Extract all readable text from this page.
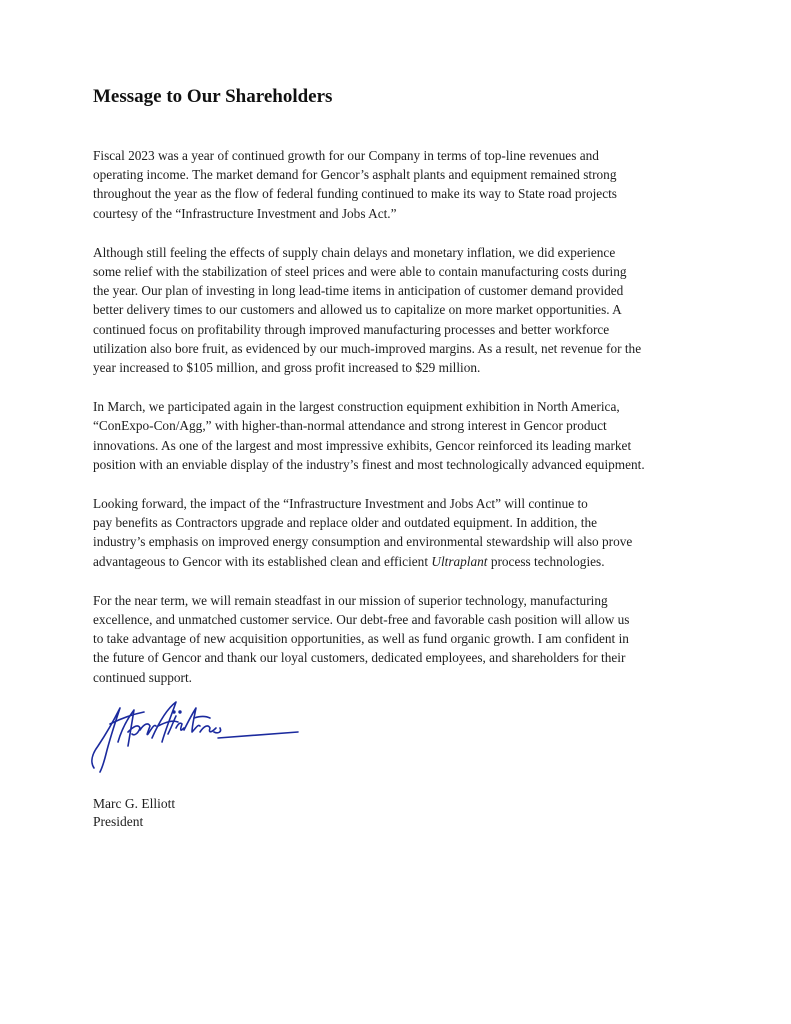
Message to Our Shareholders

Fiscal 2023 was a year of continued growth for our Company in terms of top-line revenues and
operating income. The market demand for Gencor’s asphalt plants and equipment remained strong
throughout the year as the flow of federal funding continued to make its way to State road projects
courtesy of the “Infrastructure Investment and Jobs Act.”

Although still feeling the effects of supply chain delays and monetary inflation, we did experience
some relief with the stabilization of steel prices and were able to contain manufacturing costs during
the year. Our plan of investing in long lead-time items in anticipation of customer demand provided
better delivery times to our customers and allowed us to capitalize on more market opportunities. A
continued focus on profitability through improved manufacturing processes and better workforce
utilization also bore fruit, as evidenced by our much-improved margins. As a result, net revenue for the
year increased to $105 million, and gross profit increased to $29 million.

In March, we participated again in the largest construction equipment exhibition in North America,
“ConExpo-Con/Agg,” with higher-than-normal attendance and strong interest in Gencor product
innovations. As one of the largest and most impressive exhibits, Gencor reinforced its leading market
position with an enviable display of the industry’s finest and most technologically advanced equipment.

Looking forward, the impact of the “Infrastructure Investment and Jobs Act” will continue to
pay benefits as Contractors upgrade and replace older and outdated equipment. In addition, the
industry’s emphasis on improved energy consumption and environmental stewardship will also prove
advantageous to Gencor with its established clean and efficient Ultraplant process technologies.

For the near term, we will remain steadfast in our mission of superior technology, manufacturing
excellence, and unmatched customer service. Our debt-free and favorable cash position will allow us
to take advantage of new acquisition opportunities, as well as fund organic growth. I am confident in
the future of Gencor and thank our loyal customers, dedicated employees, and shareholders for their
continued support.

Marc G. Elliott
President
